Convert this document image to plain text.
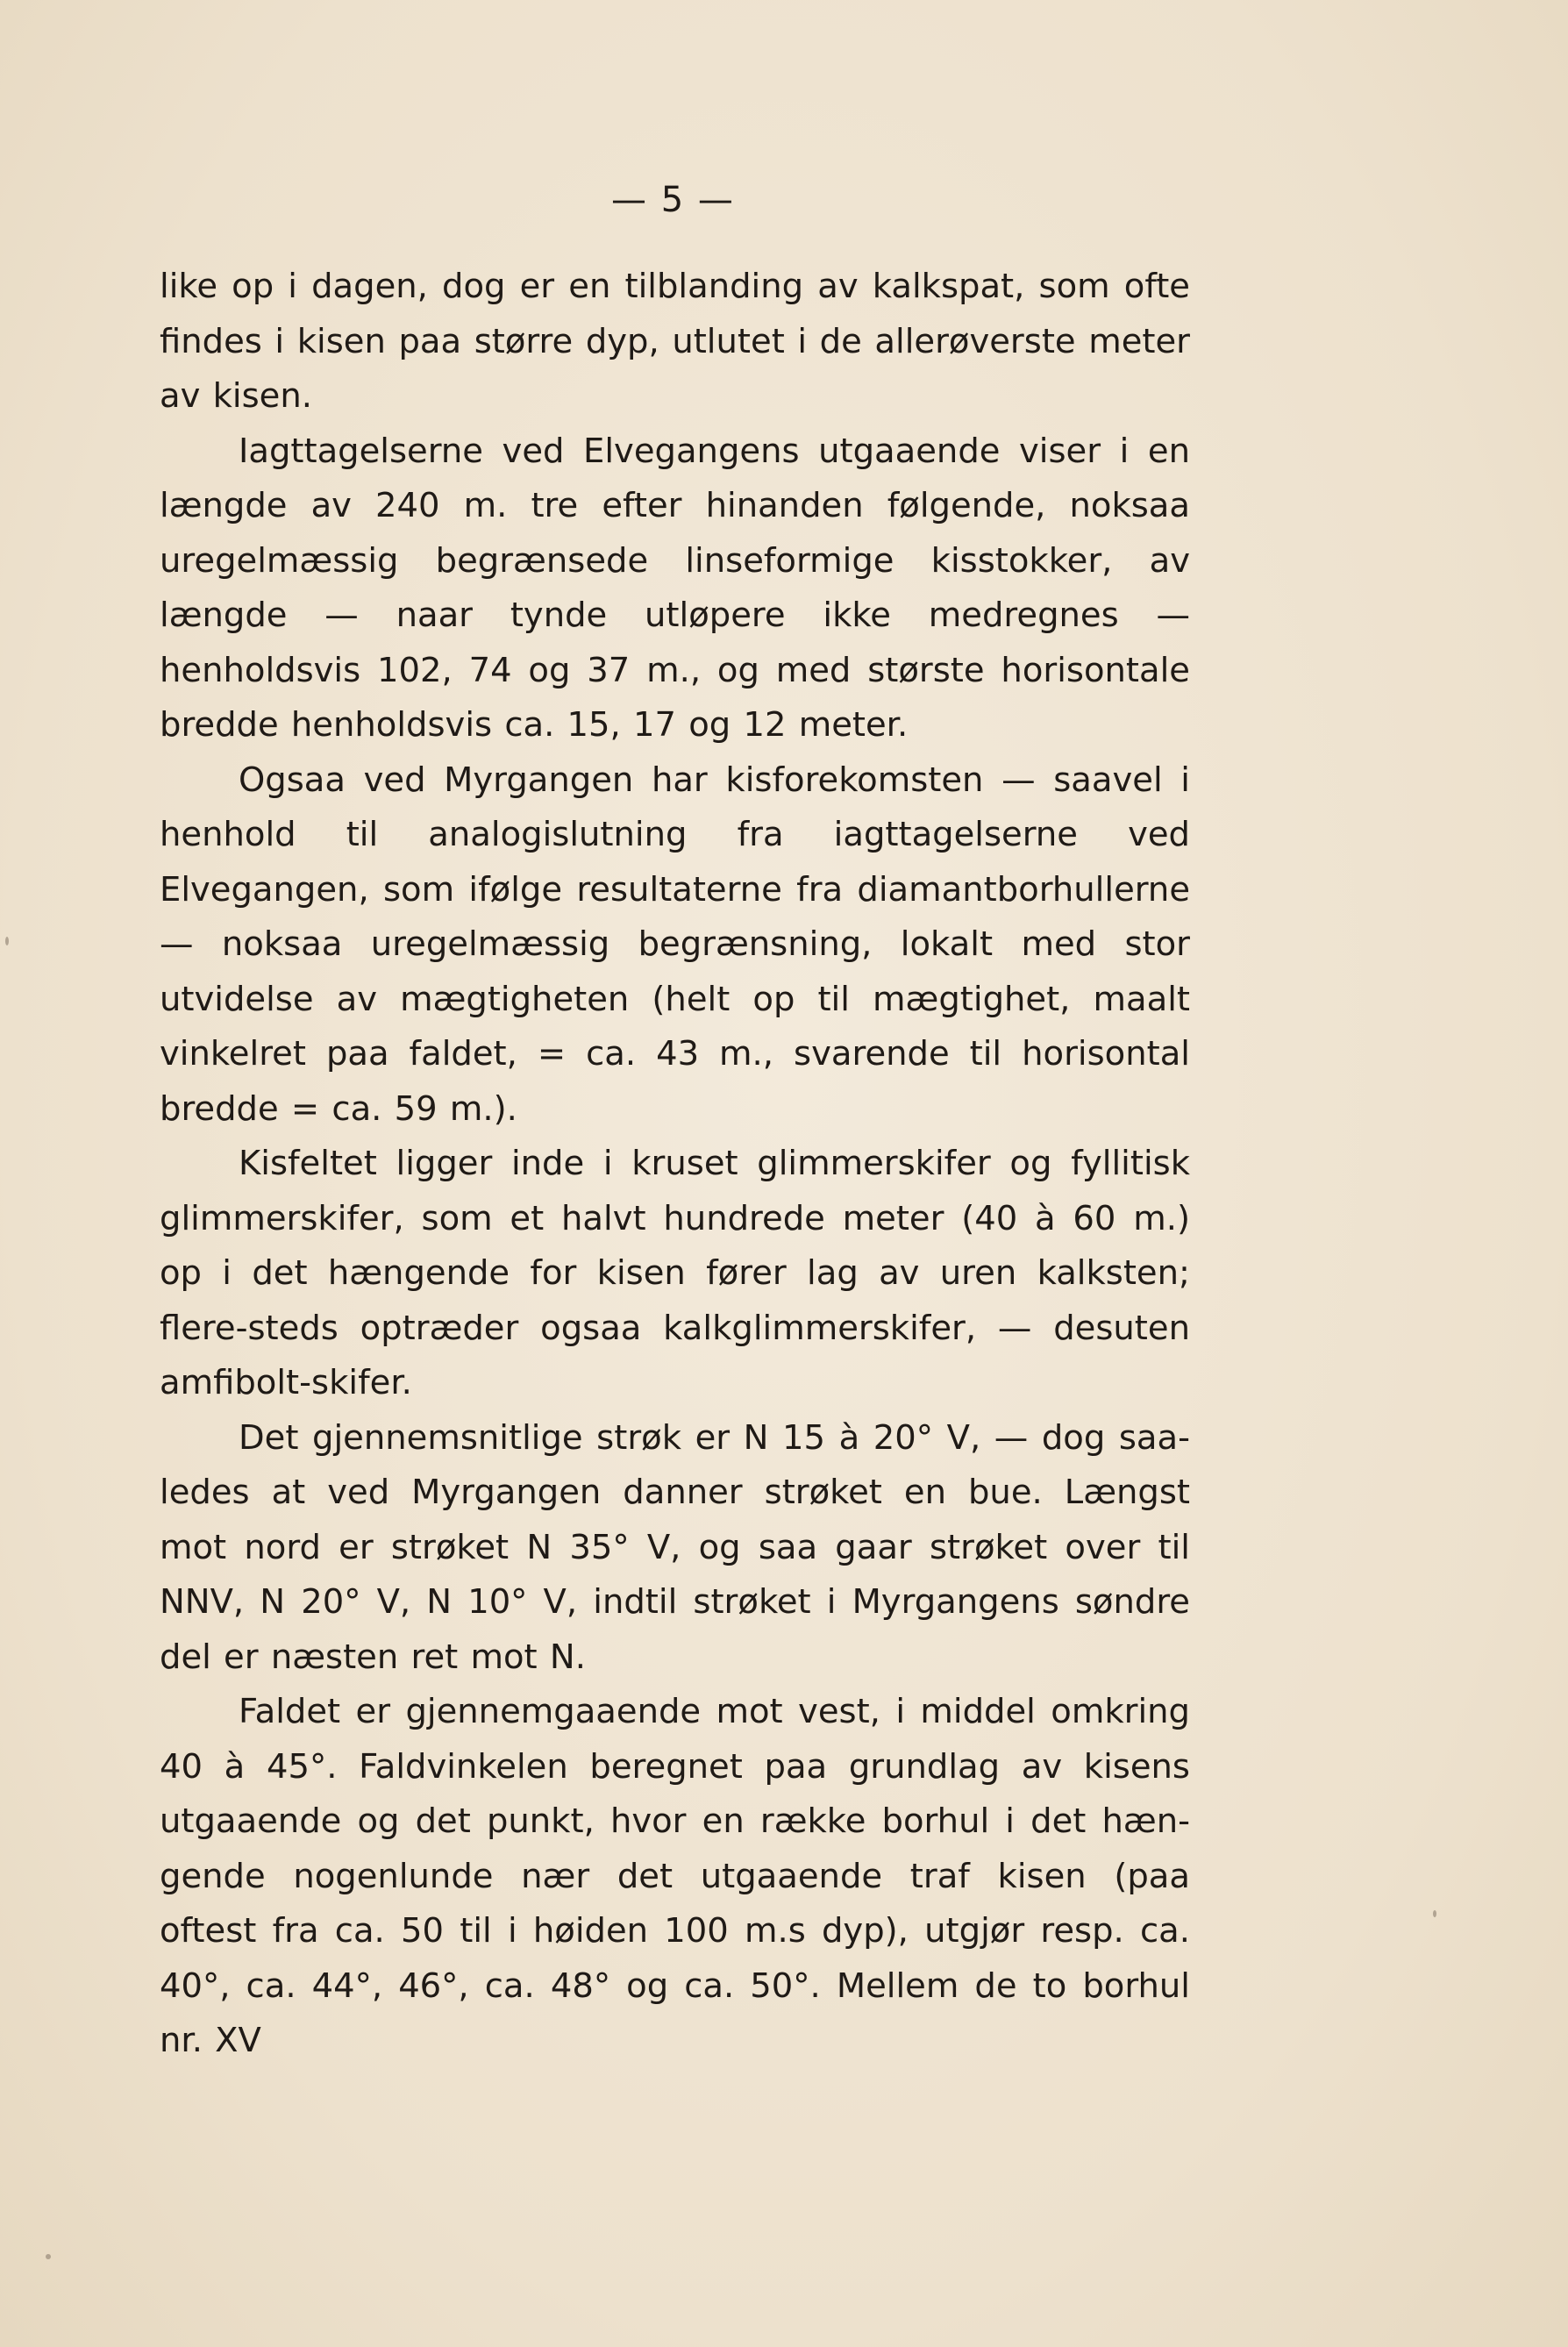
— 5 —

like op i dagen, dog er en tilblanding av kalkspat, som ofte findes i kisen paa større dyp, utlutet i de allerøverste meter av kisen.

Iagttagelserne ved Elvegangens utgaaende viser i en længde av 240 m. tre efter hinanden følgende, noksaa uregelmæssig begrænsede linseformige kisstokker, av længde — naar tynde utløpere ikke medregnes — henholdsvis 102, 74 og 37 m., og med største horisontale bredde henholdsvis ca. 15, 17 og 12 meter.

Ogsaa ved Myrgangen har kisforekomsten — saavel i henhold til analogislutning fra iagttagelserne ved Elvegangen, som ifølge resultaterne fra diamantborhullerne — noksaa uregelmæssig begrænsning, lokalt med stor utvidelse av mægtigheten (helt op til mægtighet, maalt vinkelret paa faldet, = ca. 43 m., svarende til horisontal bredde = ca. 59 m.).

Kisfeltet ligger inde i kruset glimmerskifer og fyllitisk glimmerskifer, som et halvt hundrede meter (40 à 60 m.) op i det hængende for kisen fører lag av uren kalksten; flere-steds optræder ogsaa kalkglimmerskifer, — desuten amfibolt-skifer.

Det gjennemsnitlige strøk er N 15 à 20° V, — dog saa-ledes at ved Myrgangen danner strøket en bue. Længst mot nord er strøket N 35° V, og saa gaar strøket over til NNV, N 20° V, N 10° V, indtil strøket i Myrgangens søndre del er næsten ret mot N.

Faldet er gjennemgaaende mot vest, i middel omkring 40 à 45°. Faldvinkelen beregnet paa grundlag av kisens utgaaende og det punkt, hvor en række borhul i det hæn-gende nogenlunde nær det utgaaende traf kisen (paa oftest fra ca. 50 til i høiden 100 m.s dyp), utgjør resp. ca. 40°, ca. 44°, 46°, ca. 48° og ca. 50°. Mellem de to borhul nr. XV
